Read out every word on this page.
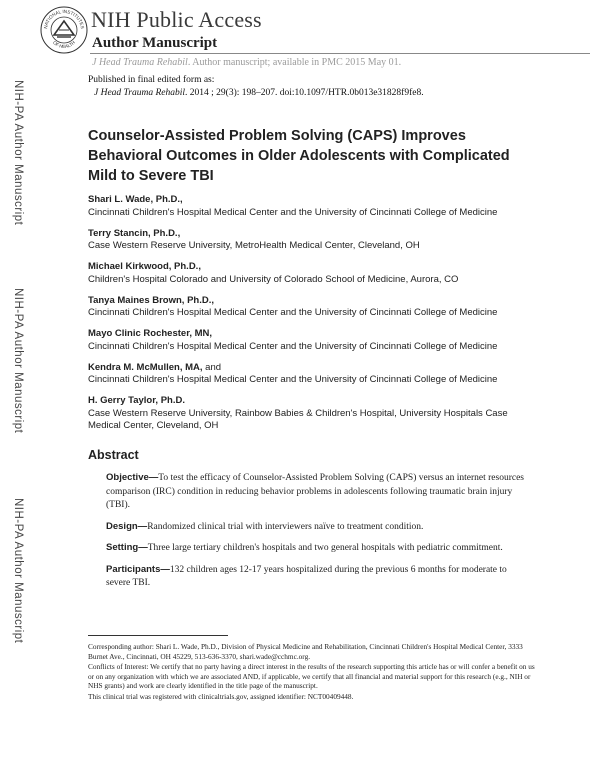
NATIONAL INSTITUTES
OF HEALTH
NIH Public Access
Author Manuscript
J Head Trauma Rehabil. Author manuscript; available in PMC 2015 May 01.
Published in final edited form as:
J Head Trauma Rehabil. 2014 ; 29(3): 198–207. doi:10.1097/HTR.0b013e31828f9fe8.
NIH-PA Author Manuscript
NIH-PA Author Manuscript
NIH-PA Author Manuscript
Counselor-Assisted Problem Solving (CAPS) Improves Behavioral Outcomes in Older Adolescents with Complicated Mild to Severe TBI
Shari L. Wade, Ph.D.,
Cincinnati Children's Hospital Medical Center and the University of Cincinnati College of Medicine
Terry Stancin, Ph.D.,
Case Western Reserve University, MetroHealth Medical Center, Cleveland, OH
Michael Kirkwood, Ph.D.,
Children's Hospital Colorado and University of Colorado School of Medicine, Aurora, CO
Tanya Maines Brown, Ph.D.,
Cincinnati Children's Hospital Medical Center and the University of Cincinnati College of Medicine
Mayo Clinic Rochester, MN,
Cincinnati Children's Hospital Medical Center and the University of Cincinnati College of Medicine
Kendra M. McMullen, MA, and
Cincinnati Children's Hospital Medical Center and the University of Cincinnati College of Medicine
H. Gerry Taylor, Ph.D.
Case Western Reserve University, Rainbow Babies & Children's Hospital, University Hospitals Case Medical Center, Cleveland, OH
Abstract
Objective—To test the efficacy of Counselor-Assisted Problem Solving (CAPS) versus an internet resources comparison (IRC) condition in reducing behavior problems in adolescents following traumatic brain injury (TBI).
Design—Randomized clinical trial with interviewers naïve to treatment condition.
Setting—Three large tertiary children's hospitals and two general hospitals with pediatric commitment.
Participants—132 children ages 12-17 years hospitalized during the previous 6 months for moderate to severe TBI.
Corresponding author: Shari L. Wade, Ph.D., Division of Physical Medicine and Rehabilitation, Cincinnati Children's Hospital Medical Center, 3333 Burnet Ave., Cincinnati, OH 45229, 513-636-3370, shari.wade@cchmc.org.
Conflicts of Interest: We certify that no party having a direct interest in the results of the research supporting this article has or will confer a benefit on us or on any organization with which we are associated AND, if applicable, we certify that all financial and material support for this research (e.g., NIH or NHS grants) and work are clearly identified in the title page of the manuscript.
This clinical trial was registered with clinicaltrials.gov, assigned identifier: NCT00409448.
